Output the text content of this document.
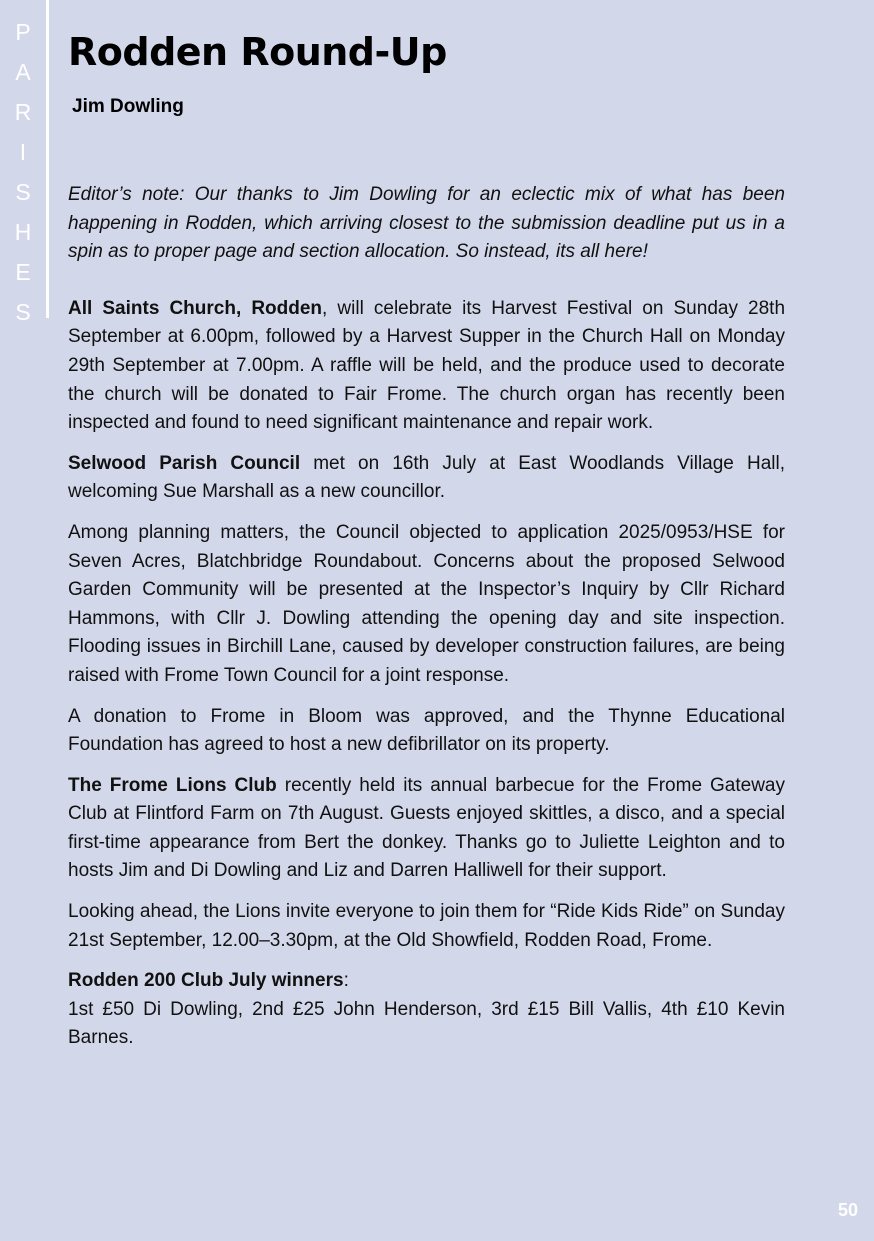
P
A
R
I
S
H
E
S
Rodden Round-Up
Jim Dowling

Editor’s note: Our thanks to Jim Dowling for an eclectic mix of what has been happening in Rodden, which arriving closest to the submission deadline put us in a spin as to proper page and section allocation. So instead, its all here!

All Saints Church, Rodden, will celebrate its Harvest Festival on Sunday 28th September at 6.00pm, followed by a Harvest Supper in the Church Hall on Monday 29th September at 7.00pm. A raffle will be held, and the produce used to decorate the church will be donated to Fair Frome. The church organ has recently been inspected and found to need significant maintenance and repair work.

Selwood Parish Council met on 16th July at East Woodlands Village Hall, welcoming Sue Marshall as a new councillor.

Among planning matters, the Council objected to application 2025/0953/HSE for Seven Acres, Blatchbridge Roundabout. Concerns about the proposed Selwood Garden Community will be presented at the Inspector’s Inquiry by Cllr Richard Hammons, with Cllr J. Dowling attending the opening day and site inspection. Flooding issues in Birchill Lane, caused by developer construction failures, are being raised with Frome Town Council for a joint response.

A donation to Frome in Bloom was approved, and the Thynne Educational Foundation has agreed to host a new defibrillator on its property.

The Frome Lions Club recently held its annual barbecue for the Frome Gateway Club at Flintford Farm on 7th August. Guests enjoyed skittles, a disco, and a special first-time appearance from Bert the donkey. Thanks go to Juliette Leighton and to hosts Jim and Di Dowling and Liz and Darren Halliwell for their support.

Looking ahead, the Lions invite everyone to join them for “Ride Kids Ride” on Sunday 21st September, 12.00–3.30pm, at the Old Showfield, Rodden Road, Frome.

Rodden 200 Club July winners:

1st £50 Di Dowling, 2nd £25 John Henderson, 3rd £15 Bill Vallis, 4th £10 Kevin Barnes.

50
